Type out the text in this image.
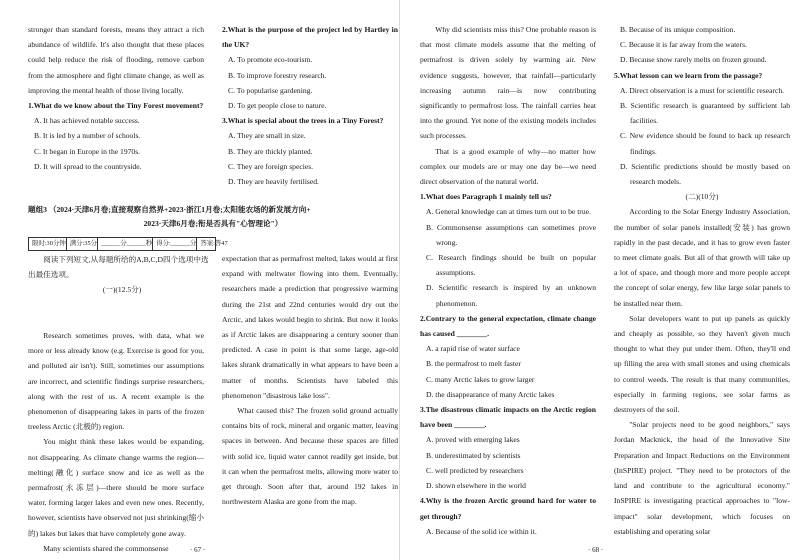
stronger than standard forests, means they attract a rich abundance of wildlife. It's also thought that these places could help reduce the risk of flooding, remove carbon from the atmosphere and fight climate change, as well as improving the mental health of those living locally.

1.What do we know about the Tiny Forest movement?

A. It has achieved notable success.

B. It is led by a number of schools.

C. It began in Europe in the 1970s.

D. It will spread to the countryside.

2.What is the purpose of the project led by Hartley in the UK?

A. To promote eco-tourism.

B. To improve forestry research.

C. To popularise gardening.

D. To get people close to nature.

3.What is special about the trees in a Tiny Forest?

A. They are small in size.

B. They are thickly planted.

C. They are foreign species.

D. They are heavily fertilised.

题组3 （2024·天津6月卷;直接观察自然界+2023·浙江1月卷;太阳能农场的新发展方向+
2023·天津6月卷;衔是否具有"心智理论"）
限时:30分钟 满分:35分 ______分______秒 得分:______分 答案:答47

阅读下列短文,从每题所给的A,B,C,D四个选项中选出最佳选项。

(一)(12.5分)

Research sometimes proves, with data, what we more or less already know (e.g. Exercise is good for you, and polluted air isn't). Still, sometimes our assumptions are incorrect, and scientific findings surprise researchers, along with the rest of us. A recent example is the phenomenon of disappearing lakes in parts of the frozen treeless Arctic (北极的) region.

You might think these lakes would be expanding, not disappearing. As climate change warms the region—melting(融化) surface snow and ice as well as the permafrost(永冻层)—there should be more surface water, forming larger lakes and even new ones. Recently, however, scientists have observed not just shrinking(缩小的) lakes but lakes that have completely gone away.

Many scientists shared the commonsense

expectation that as permafrost melted, lakes would at first expand with meltwater flowing into them. Eventually, researchers made a prediction that progressive warming during the 21st and 22nd centuries would dry out the Arctic, and lakes would begin to shrink. But now it looks as if Arctic lakes are disappearing a century sooner than predicted. A case in point is that some large, age-old lakes shrank dramatically in what appears to have been a matter of months. Scientists have labeled this phenomenon "disastrous lake loss".

What caused this? The frozen solid ground actually contains bits of rock, mineral and organic matter, leaving spaces in between. And because these spaces are filled with solid ice, liquid water cannot readily get inside, but it can when the permafrost melts, allowing more water to get through. Soon after that, around 192 lakes in northwestern Alaska are gone from the map.

· 67 ·

Why did scientists miss this? One probable reason is that most climate models assume that the melting of permafrost is driven solely by warming air. New evidence suggests, however, that rainfall—particularly increasing autumn rain—is now contributing significantly to permafrost loss. The rainfall carries heat into the ground. Yet none of the existing models includes such processes.

That is a good example of why—no matter how complex our models are or may one day be—we need direct observation of the natural world.

1.What does Paragraph 1 mainly tell us?

A. General knowledge can at times turn out to be true.

B. Commonsense assumptions can sometimes prove wrong.

C. Research findings should be built on popular assumptions.

D. Scientific research is inspired by an unknown phenomenon.

2.Contrary to the general expectation, climate change has caused ________.

A. a rapid rise of water surface

B. the permafrost to melt faster

C. many Arctic lakes to grow larger

D. the disappearance of many Arctic lakes

3.The disastrous climatic impacts on the Arctic region have been ________.

A. proved with emerging lakes

B. underestimated by scientists

C. well predicted by researchers

D. shown elsewhere in the world

4.Why is the frozen Arctic ground hard for water to get through?

A. Because of the solid ice within it.

B. Because of its unique composition.

C. Because it is far away from the waters.

D. Because snow rarely melts on frozen ground.

5.What lesson can we learn from the passage?

A. Direct observation is a must for scientific research.

B. Scientific research is guaranteed by sufficient lab facilities.

C. New evidence should be found to back up research findings.

D. Scientific predictions should be mostly based on research models.

(二)(10分)

According to the Solar Energy Industry Association, the number of solar panels installed(安装) has grown rapidly in the past decade, and it has to grow even faster to meet climate goals. But all of that growth will take up a lot of space, and though more and more people accept the concept of solar energy, few like large solar panels to be installed near them.

Solar developers want to put up panels as quickly and cheaply as possible, so they haven't given much thought to what they put under them. Often, they'll end up filling the area with small stones and using chemicals to control weeds. The result is that many communities, especially in farming regions, see solar farms as destroyers of the soil.

"Solar projects need to be good neighbors," says Jordan Macknick, the head of the Innovative Site Preparation and Impact Reductions on the Environment (InSPIRE) project. "They need to be protectors of the land and contribute to the agricultural economy." InSPIRE is investigating practical approaches to "low-impact" solar development, which focuses on establishing and operating solar

· 68 ·
